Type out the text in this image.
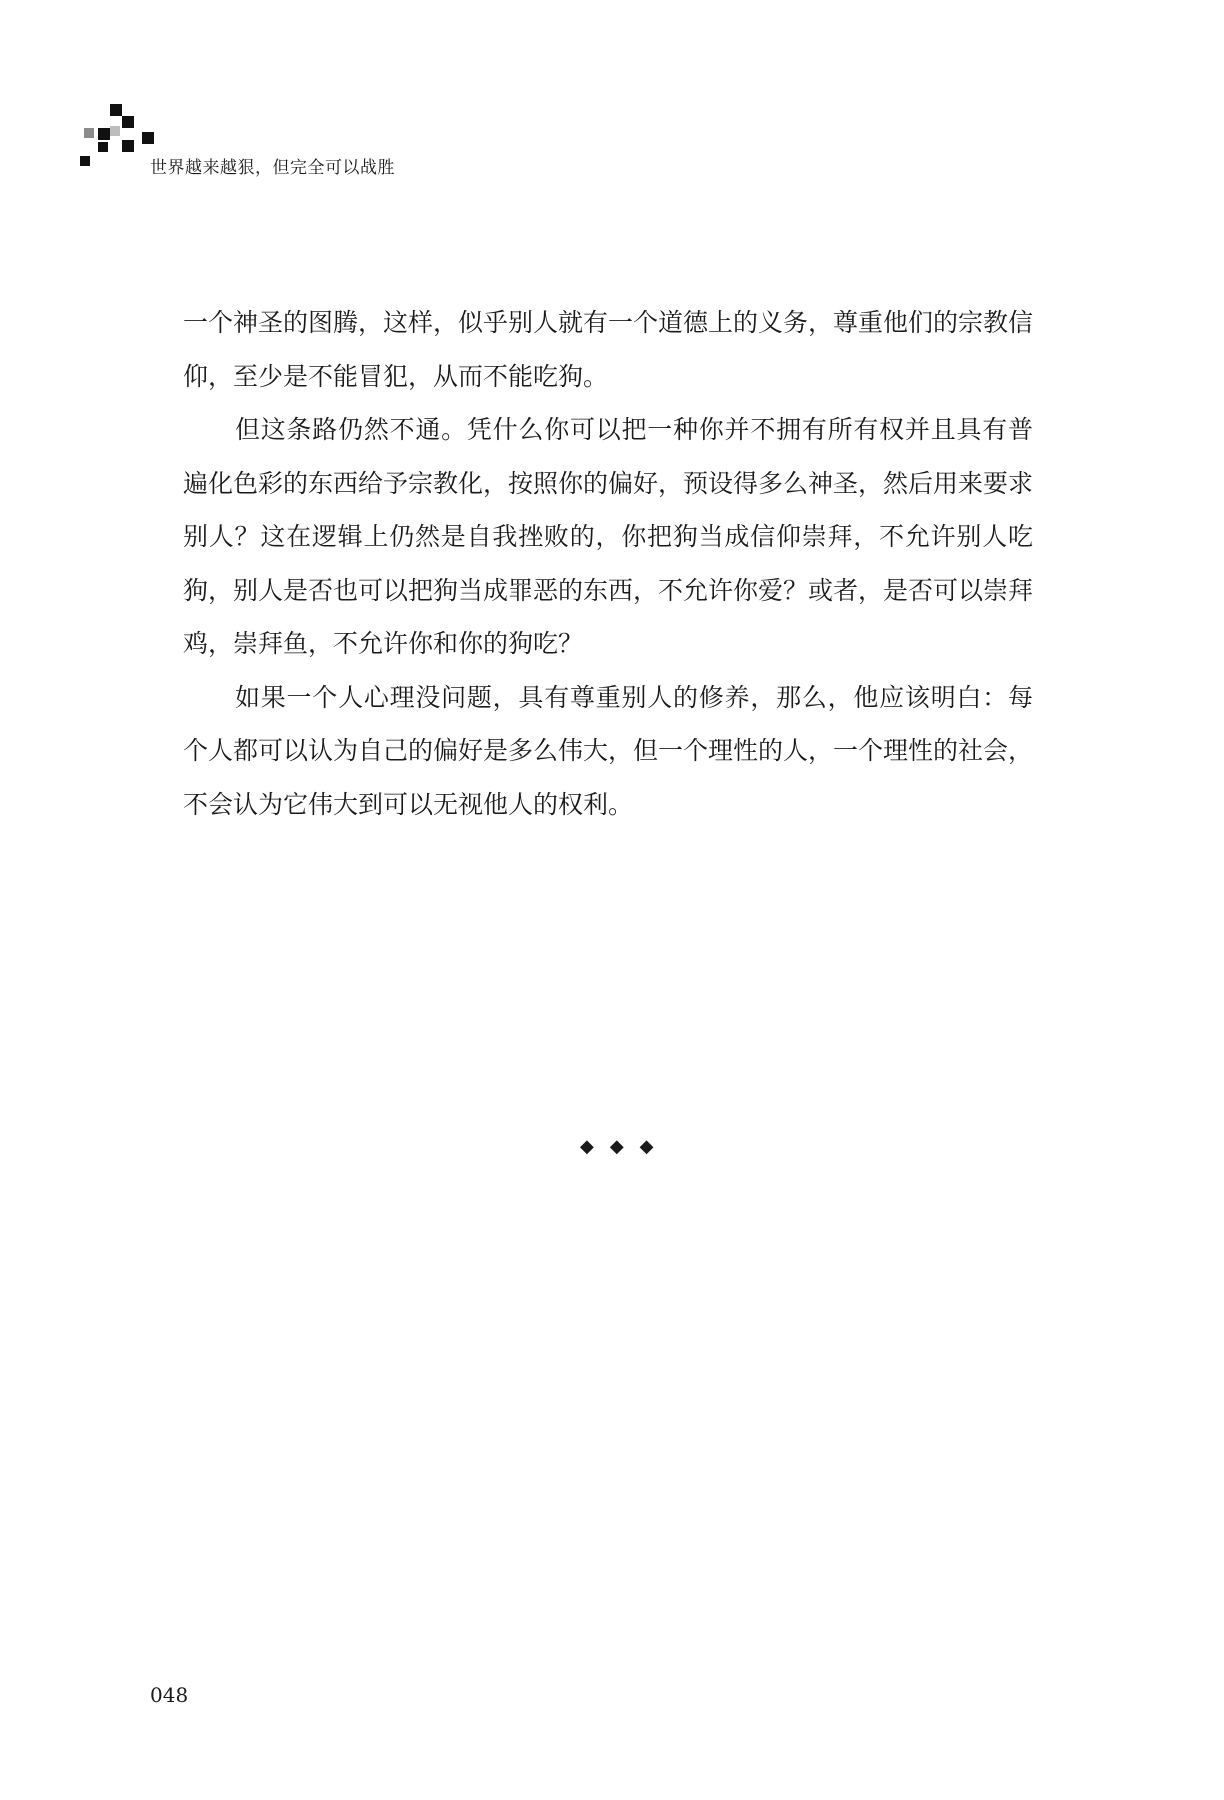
世界越来越狠，但完全可以战胜

一个神圣的图腾，这样，似乎别人就有一个道德上的义务，尊重他们的宗教信仰，至少是不能冒犯，从而不能吃狗。

但这条路仍然不通。凭什么你可以把一种你并不拥有所有权并且具有普遍化色彩的东西给予宗教化，按照你的偏好，预设得多么神圣，然后用来要求别人？这在逻辑上仍然是自我挫败的，你把狗当成信仰崇拜，不允许别人吃狗，别人是否也可以把狗当成罪恶的东西，不允许你爱？或者，是否可以崇拜鸡，崇拜鱼，不允许你和你的狗吃？

如果一个人心理没问题，具有尊重别人的修养，那么，他应该明白：每个人都可以认为自己的偏好是多么伟大，但一个理性的人，一个理性的社会，不会认为它伟大到可以无视他人的权利。

◆◆◆
048
